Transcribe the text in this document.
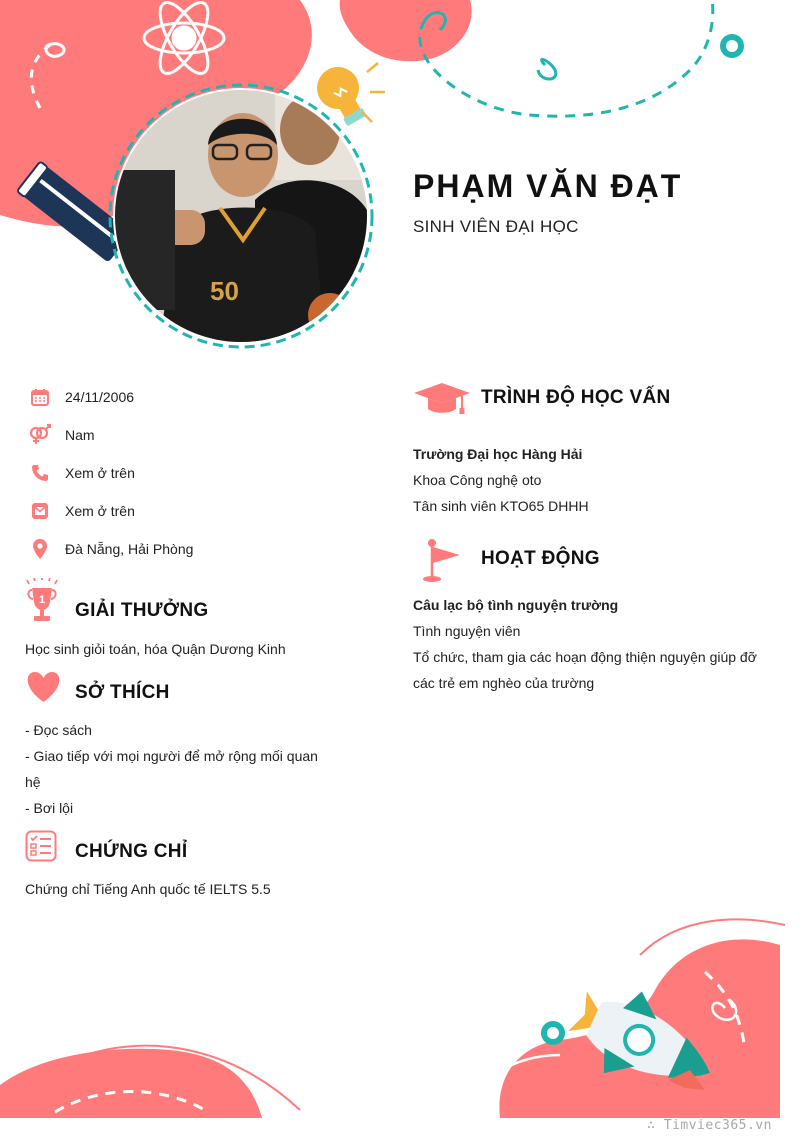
50
PHẠM VĂN ĐẠT
SINH VIÊN ĐẠI HỌC
24/11/2006
Nam
Xem ở trên
Xem ở trên
Đà Nẵng, Hải Phòng
1 GIẢI THƯỞNG
Học sinh giỏi toán, hóa Quận Dương Kinh
SỞ THÍCH
- Đọc sách
- Giao tiếp với mọi người để mở rộng mối quan
hệ
- Bơi lội
CHỨNG CHỈ
Chứng chỉ Tiếng Anh quốc tế IELTS 5.5
TRÌNH ĐỘ HỌC VẤN
Trường Đại học Hàng Hải
Khoa Công nghệ oto
Tân sinh viên KTO65 DHHH
HOẠT ĐỘNG
Câu lạc bộ tình nguyện trường
Tình nguyện viên
Tổ chức, tham gia các hoạn động thiện nguyện giúp đỡ
các trẻ em nghèo của trường
∴ Timviec365.vn
